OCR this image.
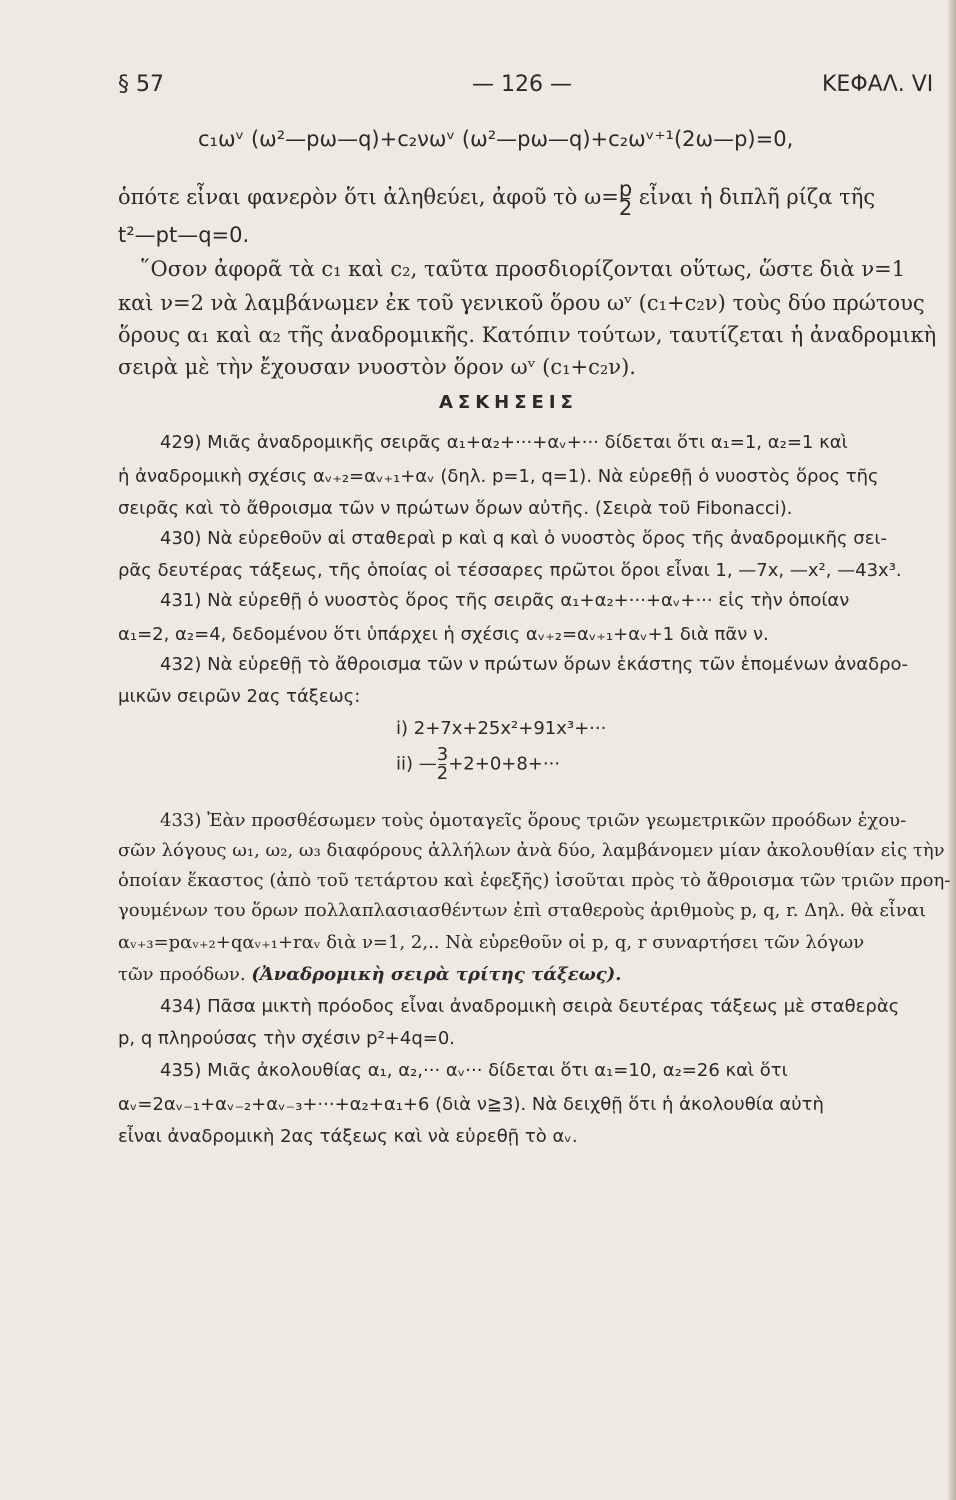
§ 57	— 126 —	ΚΕΦΑΛ. VI
c₁ωᵛ (ω²—pω—q)+c₂νωᵛ (ω²—pω—q)+c₂ωᵛ⁺¹(2ω—p)=0,
ὁπότε εἶναι φανερὸν ὅτι ἀληθεύει, ἀφοῦ τὸ $\omega= \frac{p}{2}$ εἶναι ἡ διπλῆ ρίζα τῆς
t²—pt—q=0.
῞Οσον ἀφορᾶ τὰ c₁ καὶ c₂, ταῦτα προσδιορίζονται οὕτως, ὥστε διὰ ν=1
καὶ ν=2 νὰ λαμβάνωμεν ἐκ τοῦ γενικοῦ ὅρου ωᵛ (c₁+c₂ν) τοὺς δύο πρώτους
ὅρους α₁ καὶ α₂ τῆς ἀναδρομικῆς. Κατόπιν τούτων, ταυτίζεται ἡ ἀναδρομικὴ
σειρὰ μὲ τὴν ἔχουσαν νυοστὸν ὅρον ωᵛ (c₁+c₂ν).
ΑΣΚΗΣΕΙΣ
429) Μιᾶς ἀναδρομικῆς σειρᾶς α₁+α₂+···+αᵥ+··· δίδεται ὅτι α₁=1, α₂=1 καὶ
ἡ ἀναδρομικὴ σχέσις αᵥ₊₂=αᵥ₊₁+αᵥ (δηλ. p=1, q=1). Νὰ εὑρεθῇ ὁ νυοστὸς ὅρος τῆς
σειρᾶς καὶ τὸ ἄθροισμα τῶν ν πρώτων ὅρων αὐτῆς. (Σειρὰ τοῦ Fibonacci).
430) Νὰ εὑρεθοῦν αἱ σταθεραὶ p καὶ q καὶ ὁ νυοστὸς ὅρος τῆς ἀναδρομικῆς σει-
ρᾶς δευτέρας τάξεως, τῆς ὁποίας οἱ τέσσαρες πρῶτοι ὅροι εἶναι 1, —7x, —x², —43x³.
431) Νὰ εὑρεθῇ ὁ νυοστὸς ὅρος τῆς σειρᾶς α₁+α₂+···+αᵥ+··· εἰς τὴν ὁποίαν
α₁=2, α₂=4, δεδομένου ὅτι ὑπάρχει ἡ σχέσις αᵥ₊₂=αᵥ₊₁+αᵥ+1 διὰ πᾶν ν.
432) Νὰ εὑρεθῇ τὸ ἄθροισμα τῶν ν πρώτων ὅρων ἑκάστης τῶν ἑπομένων ἀναδρο-
μικῶν σειρῶν 2ας τάξεως:
i) 2+7x+25x²+91x³+···
ii) — $\frac{3}{2} +2+0+8+\cdot\cdot\cdot$
433) Ἐὰν προσθέσωμεν τοὺς ὁμοταγεῖς ὅρους τριῶν γεωμετρικῶν προόδων ἐχου-
σῶν λόγους ω₁, ω₂, ω₃ διαφόρους ἀλλήλων ἀνὰ δύο, λαμβάνομεν μίαν ἀκολουθίαν εἰς τὴν
ὁποίαν ἕκαστος (ἀπὸ τοῦ τετάρτου καὶ ἐφεξῆς) ἰσοῦται πρὸς τὸ ἄθροισμα τῶν τριῶν προη-
γουμένων του ὅρων πολλαπλασιασθέντων ἐπὶ σταθεροὺς ἀριθμοὺς p, q, r. Δηλ. θὰ εἶναι
αᵥ₊₃=pαᵥ₊₂+qαᵥ₊₁+rαᵥ διὰ ν=1, 2,.. Νὰ εὑρεθοῦν οἱ p, q, r συναρτήσει τῶν λόγων
τῶν προόδων. (Ἀναδρομικὴ σειρὰ τρίτης τάξεως).
434) Πᾶσα μικτὴ πρόοδος εἶναι ἀναδρομικὴ σειρὰ δευτέρας τάξεως μὲ σταθερὰς
p, q πληρούσας τὴν σχέσιν p²+4q=0.
435) Μιᾶς ἀκολουθίας α₁, α₂,··· αᵥ··· δίδεται ὅτι α₁=10, α₂=26 καὶ ὅτι
αᵥ=2αᵥ₋₁+αᵥ₋₂+αᵥ₋₃+···+α₂+α₁+6 (διὰ ν≧3). Νὰ δειχθῇ ὅτι ἡ ἀκολουθία αὐτὴ
εἶναι ἀναδρομικὴ 2ας τάξεως καὶ νὰ εὑρεθῇ τὸ αᵥ.
